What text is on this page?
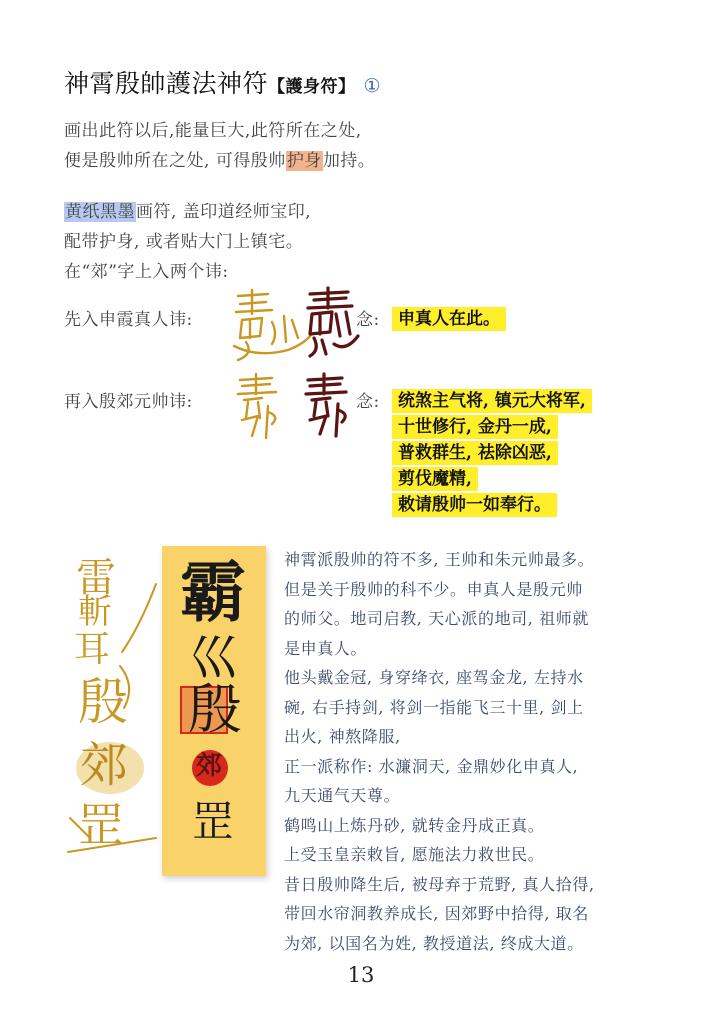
神霄殷帥護法神符【護身符】 ①
画出此符以后,能量巨大,此符所在之处,
便是殷帅所在之处, 可得殷帅护身加持。
黄纸黑墨画符, 盖印道经师宝印,
配带护身, 或者贴大门上镇宅。
在“郊”字上入两个讳:
先入申霞真人讳:	念:	申真人在此。
再入殷郊元帅讳:	念:	统煞主气将, 镇元大将军,
十世修行, 金丹一成,
普救群生, 祛除凶恶,
剪伐魔精,
敕请殷帅一如奉行。
雷
斬
耳
殷
郊
罡
霸
巛
殷
郊
罡
神霄派殷帅的符不多, 王帅和朱元帅最多。
但是关于殷帅的科不少。申真人是殷元帅
的师父。地司启教, 天心派的地司, 祖师就
是申真人。
他头戴金冠, 身穿绛衣, 座驾金龙, 左持水
碗, 右手持剑, 将剑一指能飞三十里, 剑上
出火, 神熬降服,
正一派称作: 水濂洞天, 金鼎妙化申真人,
九天通气天尊。
鹤鸣山上炼丹砂, 就转金丹成正真。
上受玉皇亲敕旨, 愿施法力救世民。
昔日殷帅降生后, 被母弃于荒野, 真人拾得,
带回水帘洞教养成长, 因郊野中拾得, 取名
为郊, 以国名为姓, 教授道法, 终成大道。
13
